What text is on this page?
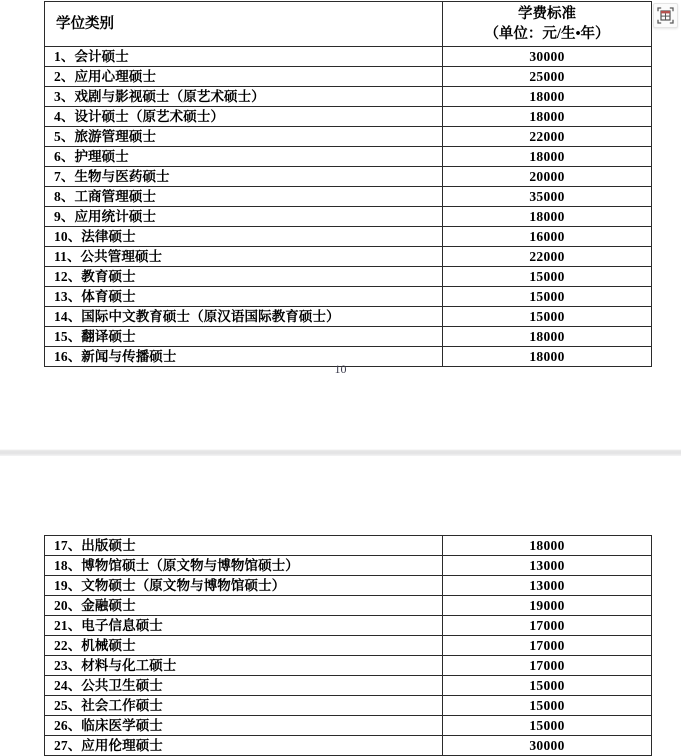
学位类别	学费标准
（单位：元/生•年）

1、会计硕士	30000
2、应用心理硕士	25000
3、戏剧与影视硕士（原艺术硕士）	18000
4、设计硕士（原艺术硕士）	18000
5、旅游管理硕士	22000
6、护理硕士	18000
7、生物与医药硕士	20000
8、工商管理硕士	35000
9、应用统计硕士	18000
10、法律硕士	16000
11、公共管理硕士	22000
12、教育硕士	15000
13、体育硕士	15000
14、国际中文教育硕士（原汉语国际教育硕士）	15000
15、翻译硕士	18000
16、新闻与传播硕士	18000
10
17、出版硕士	18000
18、博物馆硕士（原文物与博物馆硕士）	13000
19、文物硕士（原文物与博物馆硕士）	13000
20、金融硕士	19000
21、电子信息硕士	17000
22、机械硕士	17000
23、材料与化工硕士	17000
24、公共卫生硕士	15000
25、社会工作硕士	15000
26、临床医学硕士	15000
27、应用伦理硕士	30000
